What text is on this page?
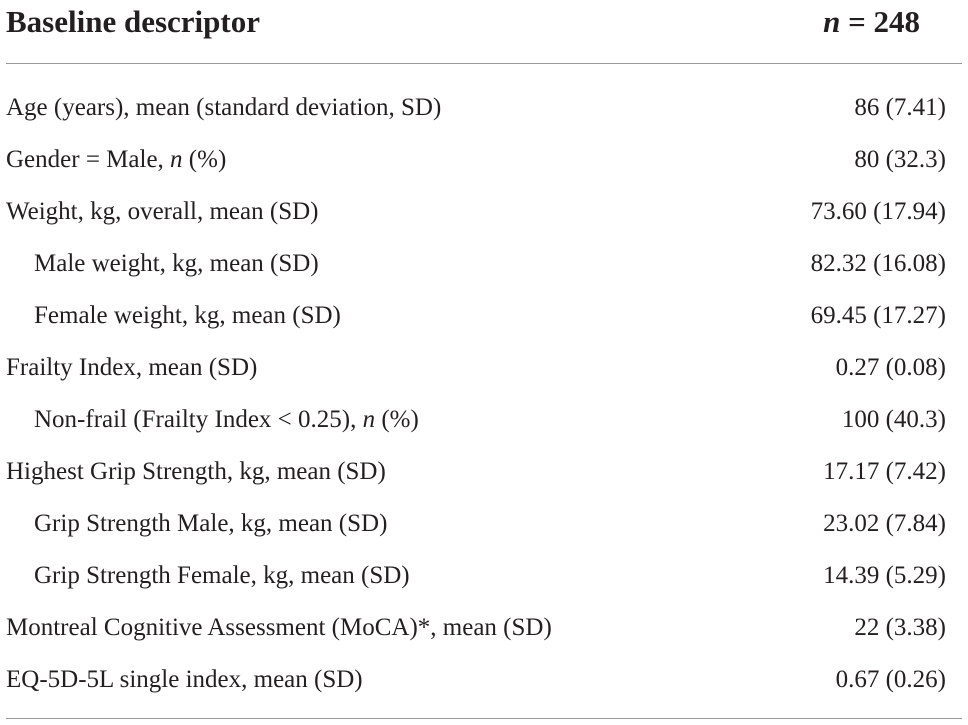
Baseline descriptor	n = 248
Age (years), mean (standard deviation, SD)	86 (7.41)
Gender = Male, n (%)	80 (32.3)
Weight, kg, overall, mean (SD)	73.60 (17.94)
Male weight, kg, mean (SD)	82.32 (16.08)
Female weight, kg, mean (SD)	69.45 (17.27)
Frailty Index, mean (SD)	0.27 (0.08)
Non-frail (Frailty Index < 0.25), n (%)	100 (40.3)
Highest Grip Strength, kg, mean (SD)	17.17 (7.42)
Grip Strength Male, kg, mean (SD)	23.02 (7.84)
Grip Strength Female, kg, mean (SD)	14.39 (5.29)
Montreal Cognitive Assessment (MoCA)*, mean (SD)	22 (3.38)
EQ-5D-5L single index, mean (SD)	0.67 (0.26)
